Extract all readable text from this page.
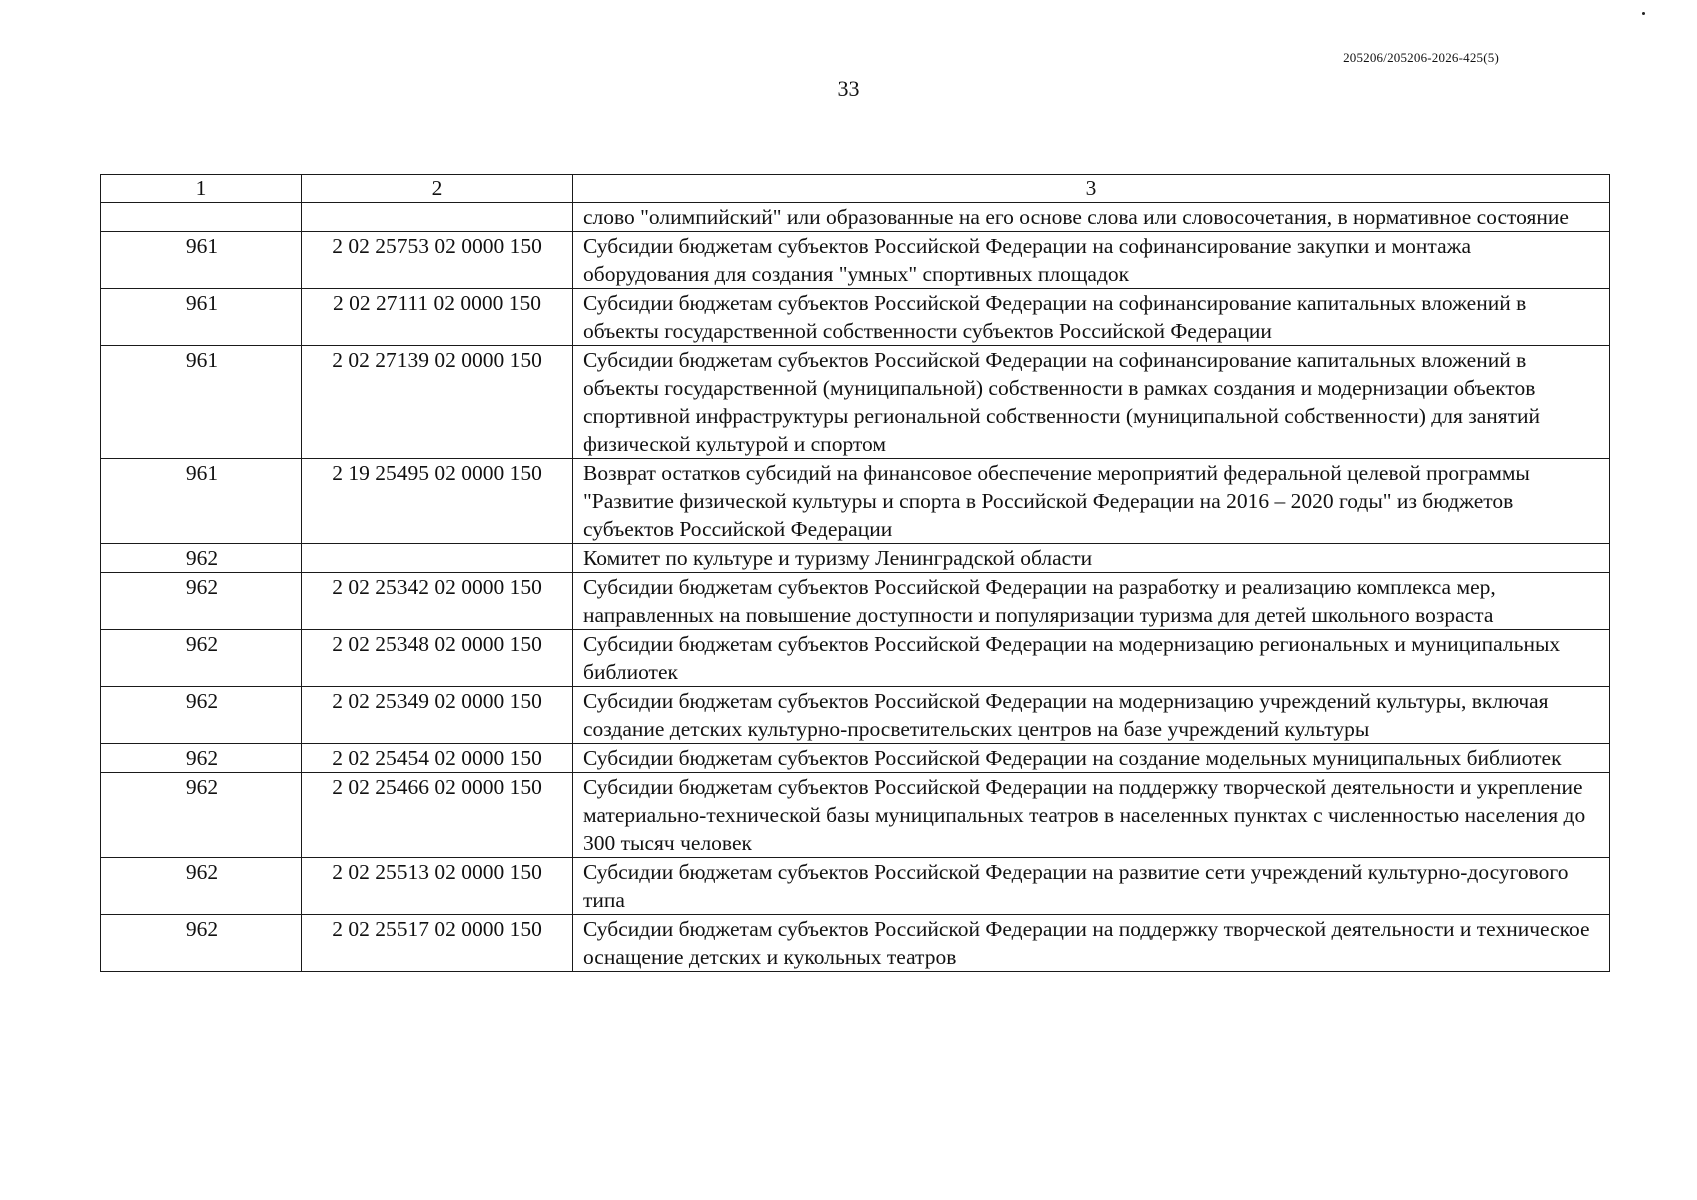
205206/205206-2026-425(5)
33
1	2	3
		слово "олимпийский" или образованные на его основе слова или словосочетания, в нормативное состояние
961	2 02 25753 02 0000 150	Субсидии бюджетам субъектов Российской Федерации на софинансирование закупки и монтажа оборудования для создания "умных" спортивных площадок
961	2 02 27111 02 0000 150	Субсидии бюджетам субъектов Российской Федерации на софинансирование капитальных вложений в объекты государственной собственности субъектов Российской Федерации
961	2 02 27139 02 0000 150	Субсидии бюджетам субъектов Российской Федерации на софинансирование капитальных вложений в объекты государственной (муниципальной) собственности в рамках создания и модернизации объектов спортивной инфраструктуры региональной собственности (муниципальной собственности) для занятий физической культурой и спортом
961	2 19 25495 02 0000 150	Возврат остатков субсидий на финансовое обеспечение мероприятий федеральной целевой программы "Развитие физической культуры и спорта в Российской Федерации на 2016 – 2020 годы" из бюджетов субъектов Российской Федерации
962		Комитет по культуре и туризму Ленинградской области
962	2 02 25342 02 0000 150	Субсидии бюджетам субъектов Российской Федерации на разработку и реализацию комплекса мер, направленных на повышение доступности и популяризации туризма для детей школьного возраста
962	2 02 25348 02 0000 150	Субсидии бюджетам субъектов Российской Федерации на модернизацию региональных и муниципальных библиотек
962	2 02 25349 02 0000 150	Субсидии бюджетам субъектов Российской Федерации на модернизацию учреждений культуры, включая создание детских культурно-просветительских центров на базе учреждений культуры
962	2 02 25454 02 0000 150	Субсидии бюджетам субъектов Российской Федерации на создание модельных муниципальных библиотек
962	2 02 25466 02 0000 150	Субсидии бюджетам субъектов Российской Федерации на поддержку творческой деятельности и укрепление материально-технической базы муниципальных театров в населенных пунктах с численностью населения до 300 тысяч человек
962	2 02 25513 02 0000 150	Субсидии бюджетам субъектов Российской Федерации на развитие сети учреждений культурно-досугового типа
962	2 02 25517 02 0000 150	Субсидии бюджетам субъектов Российской Федерации на поддержку творческой деятельности и техническое оснащение детских и кукольных театров
